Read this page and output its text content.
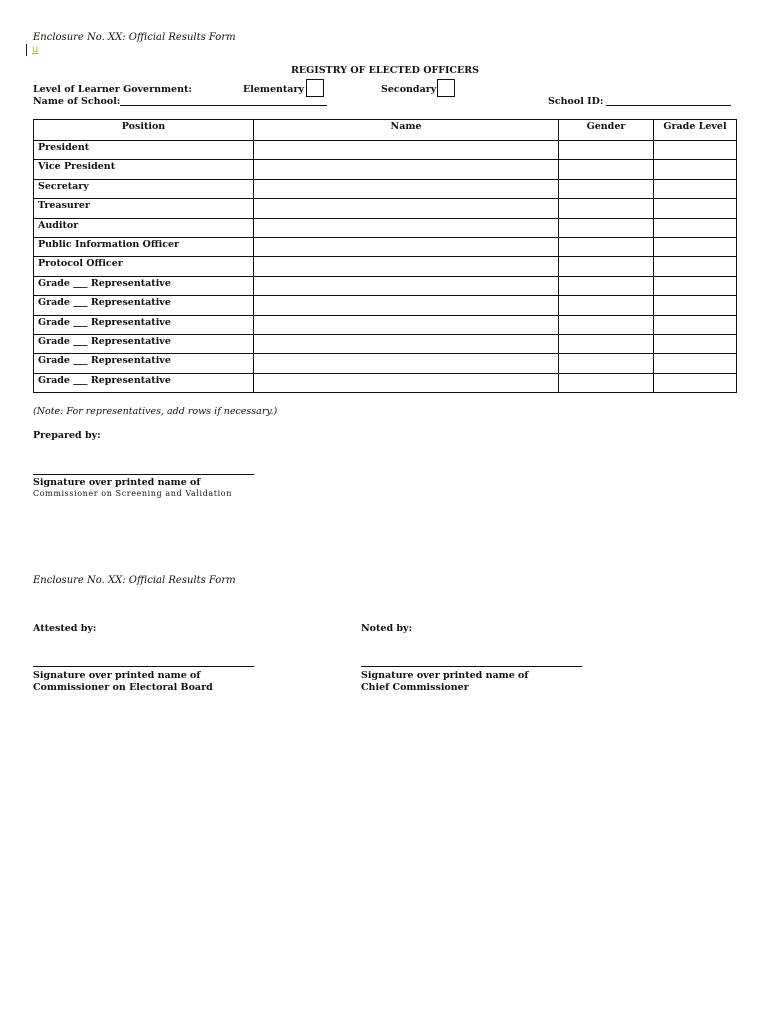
Enclosure No. XX: Official Results Form
u
REGISTRY OF ELECTED OFFICERS
Level of Learner Government:	Elementary	Secondary
Name of School:	School ID:
Position	Name	Gender	Grade Level
President			
Vice President			
Secretary			
Treasurer			
Auditor			
Public Information Officer			
Protocol Officer			
Grade ___ Representative			
Grade ___ Representative			
Grade ___ Representative			
Grade ___ Representative			
Grade ___ Representative			
Grade ___ Representative			
(Note: For representatives, add rows if necessary.)
Prepared by:
Signature over printed name of
Commissioner on Screening and Validation
Enclosure No. XX: Official Results Form
Attested by:
Signature over printed name of
Commissioner on Electoral Board
Noted by:
Signature over printed name of
Chief Commissioner
